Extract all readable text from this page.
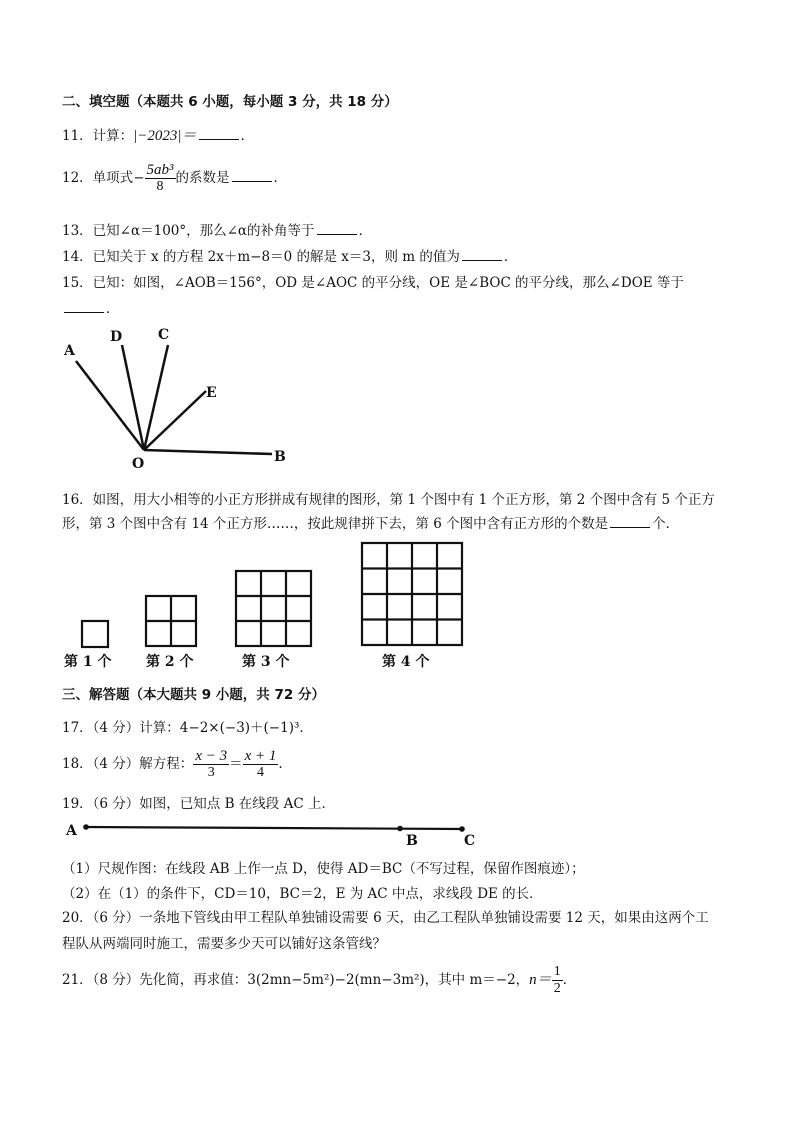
二、填空题（本题共 6 小题，每小题 3 分，共 18 分）
11．计算：|−2023|＝	．
12．单项式− $\frac{\text{5ab³}}{8}$ 的系数是	．
13．已知∠α＝100°，那么∠α的补角等于	．
14．已知关于 x 的方程 2x＋m−8＝0 的解是 x＝3，则 m 的值为	．
15．已知：如图，∠AOB＝156°，OD 是∠AOC 的平分线，OE 是∠BOC 的平分线，那么∠DOE 等于
．
A
D	C
E
O	B
16．如图，用大小相等的小正方形拼成有规律的图形，第 1 个图中有 1 个正方形，第 2 个图中含有 5 个正方
形，第 3 个图中含有 14 个正方形……，按此规律拼下去，第 6 个图中含有正方形的个数是	个．
第 1 个 第 2 个	第 3 个	第 4 个
三、解答题（本大题共 9 小题，共 72 分）
17．（4 分）计算：4−2×(−3)＋(−1)³．
18．（4 分）解方程： $\frac{x - 3}{3} = \frac{x + 1}{4}$ .
19．（6 分）如图，已知点 B 在线段 AC 上．
A
B	C
（1）尺规作图：在线段 AB 上作一点 D，使得 AD＝BC（不写过程，保留作图痕迹）；
（2）在（1）的条件下，CD＝10，BC＝2，E 为 AC 中点，求线段 DE 的长．
20．（6 分）一条地下管线由甲工程队单独铺设需要 6 天，由乙工程队单独铺设需要 12 天，如果由这两个工
程队从两端同时施工，需要多少天可以铺好这条管线？
21．（8 分）先化简，再求值：3(2mn−5m²)−2(mn−3m²)，其中 m＝−2，$n= \frac{1}{2}$ ．
